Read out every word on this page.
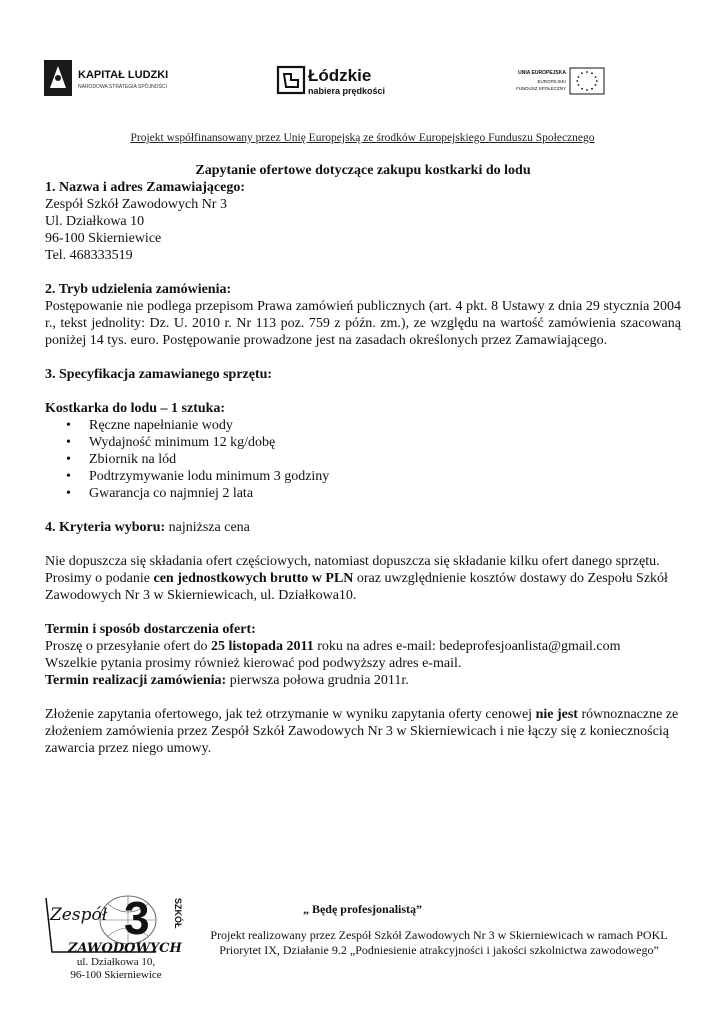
KAPITAŁ LUDZKI
NARODOWA STRATEGIA SPÓJNOŚCI
Łódzkie
nabiera prędkości
UNIA EUROPEJSKA
EUROPEJSKI
FUNDUSZ SPOŁECZNY
Projekt współfinansowany przez Unię Europejską ze środków Europejskiego Funduszu Społecznego

Zapytanie ofertowe dotyczące zakupu kostkarki do lodu

1. Nazwa i adres Zamawiającego:

Zespół Szkół Zawodowych Nr 3

Ul. Działkowa 10

96-100 Skierniewice

Tel. 468333519

2. Tryb udzielenia zamówienia:

Postępowanie nie podlega przepisom Prawa zamówień publicznych (art. 4 pkt. 8 Ustawy z dnia 29 stycznia 2004 r., tekst jednolity: Dz. U. 2010 r. Nr 113 poz. 759 z późn. zm.), ze względu na wartość zamówienia szacowaną poniżej 14 tys. euro. Postępowanie prowadzone jest na zasadach określonych przez Zamawiającego.

3. Specyfikacja zamawianego sprzętu:

Kostkarka do lodu – 1 sztuka:

• Ręczne napełnianie wody
• Wydajność minimum 12 kg/dobę
• Zbiornik na lód
• Podtrzymywanie lodu minimum 3 godziny
• Gwarancja co najmniej 2 lata

4. Kryteria wyboru: najniższa cena

Nie dopuszcza się składania ofert częściowych, natomiast dopuszcza się składanie kilku ofert danego sprzętu.

Prosimy o podanie cen jednostkowych brutto w PLN oraz uwzględnienie kosztów dostawy do Zespołu Szkół Zawodowych Nr 3 w Skierniewicach, ul. Działkowa10.

Termin i sposób dostarczenia ofert:

Proszę o przesyłanie ofert do 25 listopada 2011 roku na adres e-mail: bedeprofesjoanlista@gmail.com

Wszelkie pytania prosimy również kierować pod podwyższy adres e-mail.

Termin realizacji zamówienia: pierwsza połowa grudnia 2011r.

Złożenie zapytania ofertowego, jak też otrzymanie w wyniku zapytania oferty cenowej nie jest równoznaczne ze złożeniem zamówienia przez Zespół Szkół Zawodowych Nr 3 w Skierniewicach i nie łączy się z koniecznością zawarcia przez niego umowy.

Zespół 3	SZKÓŁ
ZAWODOWYCH
„ Będę profesjonalistą”
Projekt realizowany przez Zespół Szkół Zawodowych Nr 3 w Skierniewicach w ramach POKL
Priorytet IX, Działanie 9.2 „Podniesienie atrakcyjności i jakości szkolnictwa zawodowego”
ul. Działkowa 10,
96-100 Skierniewice
